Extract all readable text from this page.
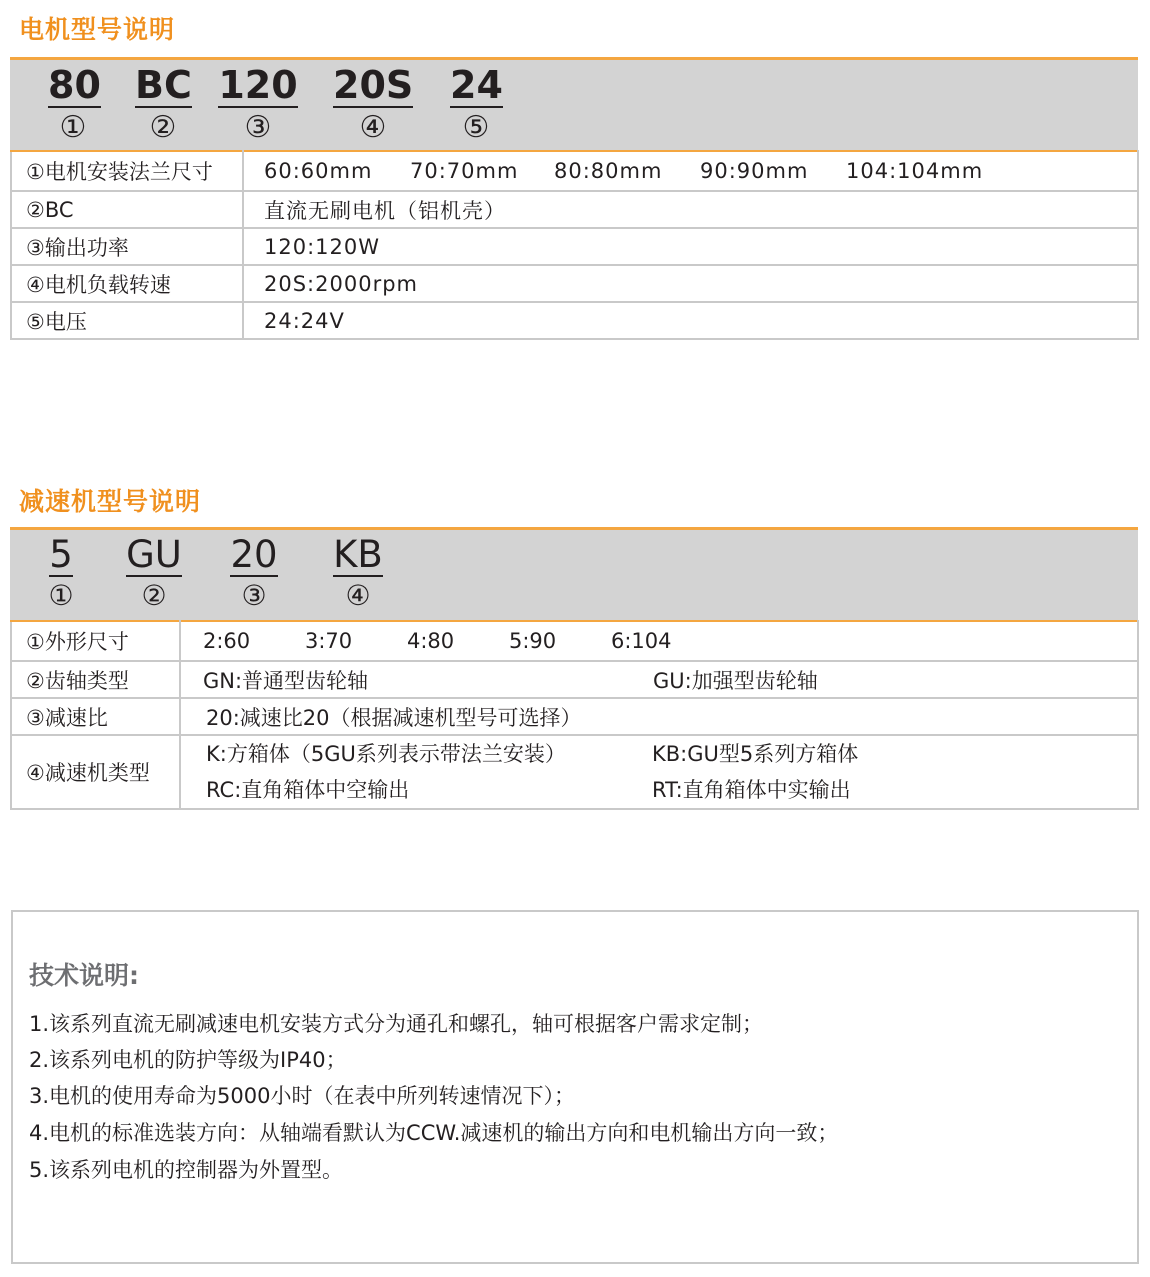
电机型号说明
80
①
BC
②
120
③
20S
④
24
⑤
①电机安装法兰尺寸	60:60mm 70:70mm 80:80mm 90:90mm 104:104mm
②BC	直流无刷电机（铝机壳）
③输出功率	120:120W
④电机负载转速	20S:2000rpm
⑤电压	24:24V
减速机型号说明
5
①
GU
②
20
③
KB
④
①外形尺寸	2:60 3:70 4:80 5:90 6:104
②齿轴类型	GN:普通型齿轮轴 GU:加强型齿轮轴
③减速比	20:减速比20（根据减速机型号可选择）
④减速机类型	K:方箱体（5GU系列表示带法兰安装） KB:GU型5系列方箱体
RC:直角箱体中空输出 RT:直角箱体中实输出
技术说明:
1.该系列直流无刷减速电机安装方式分为通孔和螺孔，轴可根据客户需求定制；
2.该系列电机的防护等级为IP40；
3.电机的使用寿命为5000小时（在表中所列转速情况下）；
4.电机的标准选装方向：从轴端看默认为CCW.减速机的输出方向和电机输出方向一致；
5.该系列电机的控制器为外置型。
